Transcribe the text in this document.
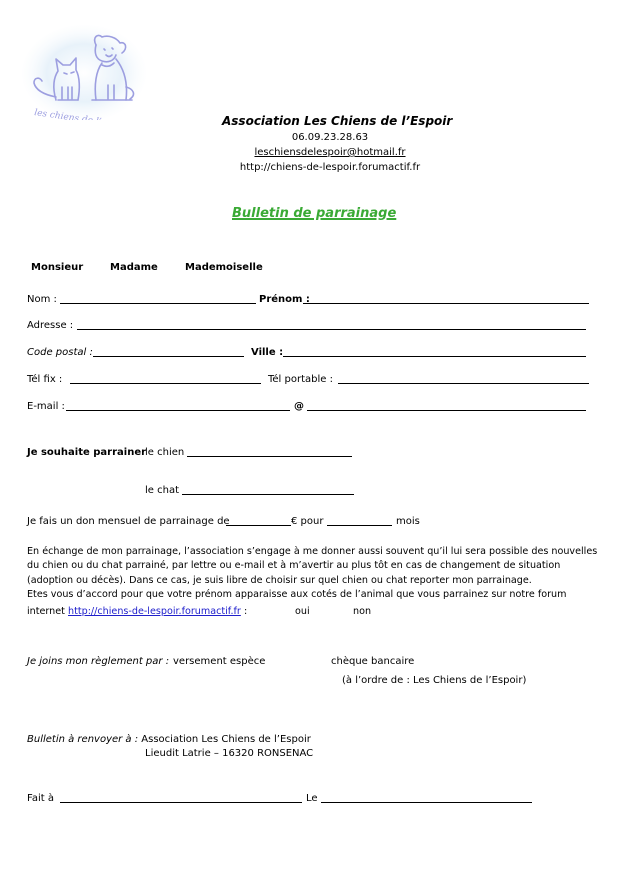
les chiens de l’espoir	Association Les Chiens de l’Espoir
06.09.23.28.63
leschiensdelespoir@hotmail.fr
http://chiens-de-lespoir.forumactif.fr
Bulletin de parrainage
Monsieur	Madame	Mademoiselle
Nom :	Prénom :
Adresse :
Code postal :	Ville :
Tél fix :	Tél portable :
E-mail :	@
Je souhaite parrainer
le chien
le chat
Je fais un don mensuel de parrainage de	€ pour	mois
En échange de mon parrainage, l’association s’engage à me donner aussi souvent qu’il lui sera possible des nouvelles
du chien ou du chat parrainé, par lettre ou e-mail et à m’avertir au plus tôt en cas de changement de situation
(adoption ou décès). Dans ce cas, je suis libre de choisir sur quel chien ou chat reporter mon parrainage.
Etes vous d’accord pour que votre prénom apparaisse aux cotés de l’animal que vous parrainez sur notre forum
internet http://chiens-de-lespoir.forumactif.fr :	oui	non
Je joins mon règlement par : versement espèce	chèque bancaire
(à l’ordre de : Les Chiens de l’Espoir)
Bulletin à renvoyer à : Association Les Chiens de l’Espoir
Lieudit Latrie – 16320 RONSENAC
Fait à	Le
